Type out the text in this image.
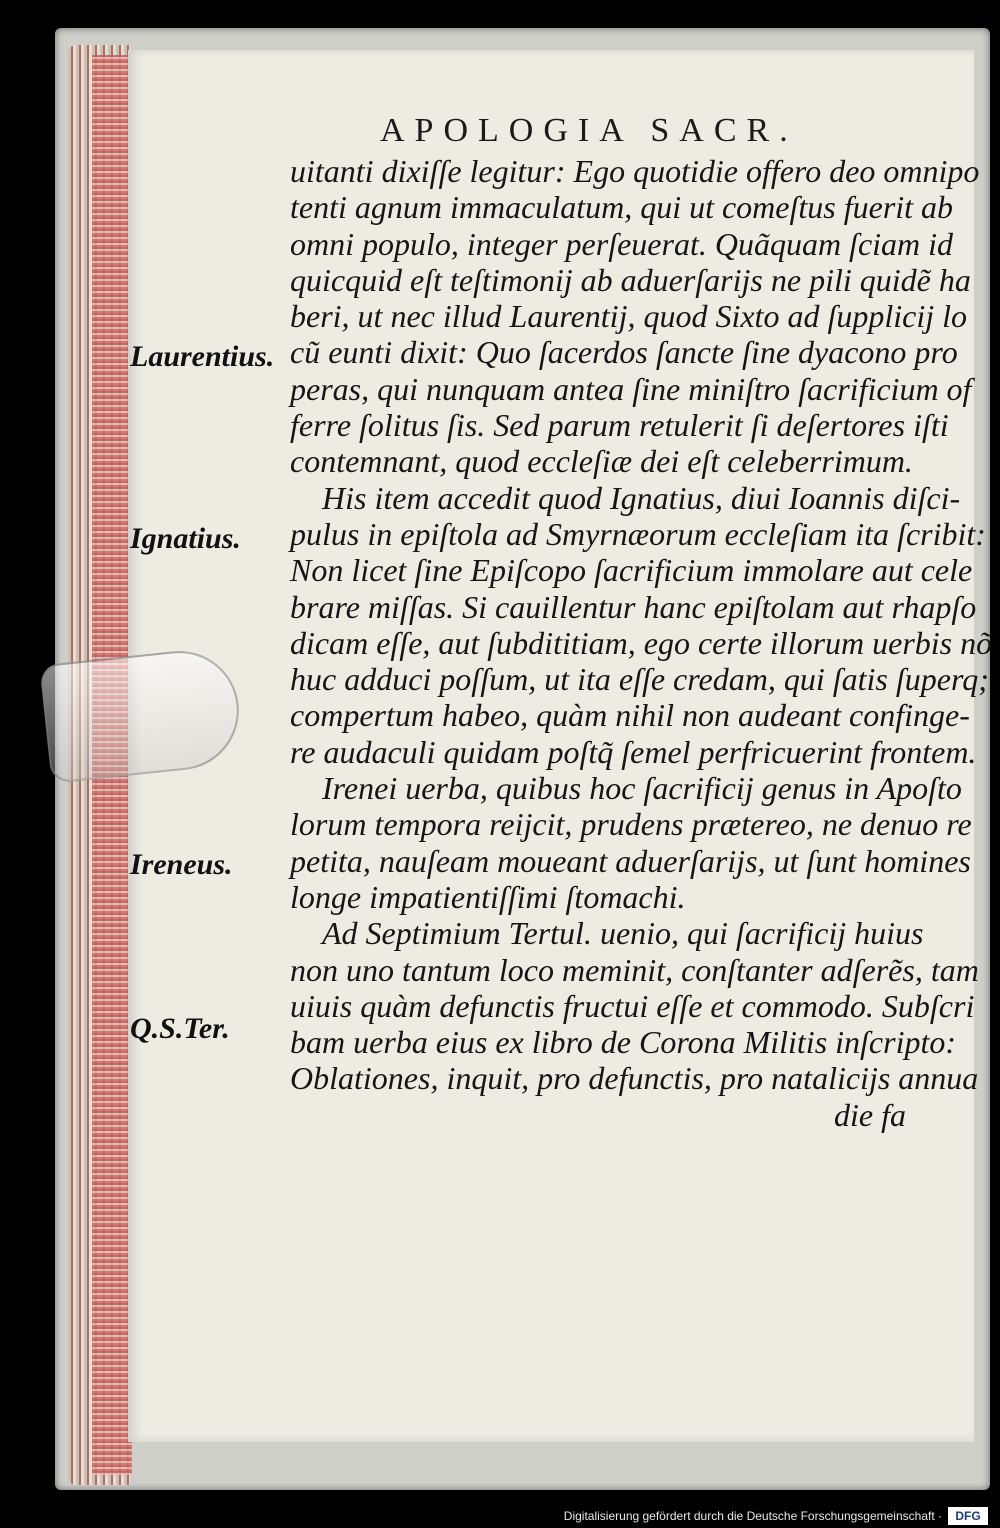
APOLOGIA SACR.
Laurentius.
Ignatius.
Ireneus.
Q.S.Ter.
uitanti dixiſſe legitur: Ego quotidie offero deo omnipo
tenti agnum immaculatum, qui ut comeſtus fuerit ab
omni populo, integer perſeuerat. Quãquam ſciam id
quicquid eſt teſtimonij ab aduerſarijs ne pili quidẽ ha
beri, ut nec illud Laurentij, quod Sixto ad ſupplicij lo
cũ eunti dixit: Quo ſacerdos ſancte ſine dyacono pro
peras, qui nunquam antea ſine miniſtro ſacrificium of
ferre ſolitus ſis. Sed parum retulerit ſi deſertores iſti
contemnant, quod eccleſiæ dei eſt celeberrimum.
His item accedit quod Ignatius, diui Ioannis diſci-
pulus in epiſtola ad Smyrnæorum eccleſiam ita ſcribit:
Non licet ſine Epiſcopo ſacrificium immolare aut cele
brare miſſas. Si cauillentur hanc epiſtolam aut rhapſo
dicam eſſe, aut ſubdititiam, ego certe illorum uerbis nõ
huc adduci poſſum, ut ita eſſe credam, qui ſatis ſuperq;
compertum habeo, quàm nihil non audeant confinge-
re audaculi quidam poſtq̃ ſemel perfricuerint frontem.
Irenei uerba, quibus hoc ſacrificij genus in Apoſto
lorum tempora reijcit, prudens prætereo, ne denuo re
petita, nauſeam moueant aduerſarijs, ut ſunt homines
longe impatientiſſimi ſtomachi.
Ad Septimium Tertul. uenio, qui ſacrificij huius
non uno tantum loco meminit, conſtanter adſerẽs, tam
uiuis quàm defunctis fructui eſſe et commodo. Subſcri
bam uerba eius ex libro de Corona Militis inſcripto:
Oblationes, inquit, pro defunctis, pro natalicijs annua
die fa
Digitalisierung gefördert durch die Deutsche Forschungsgemeinschaft ·	DFG
